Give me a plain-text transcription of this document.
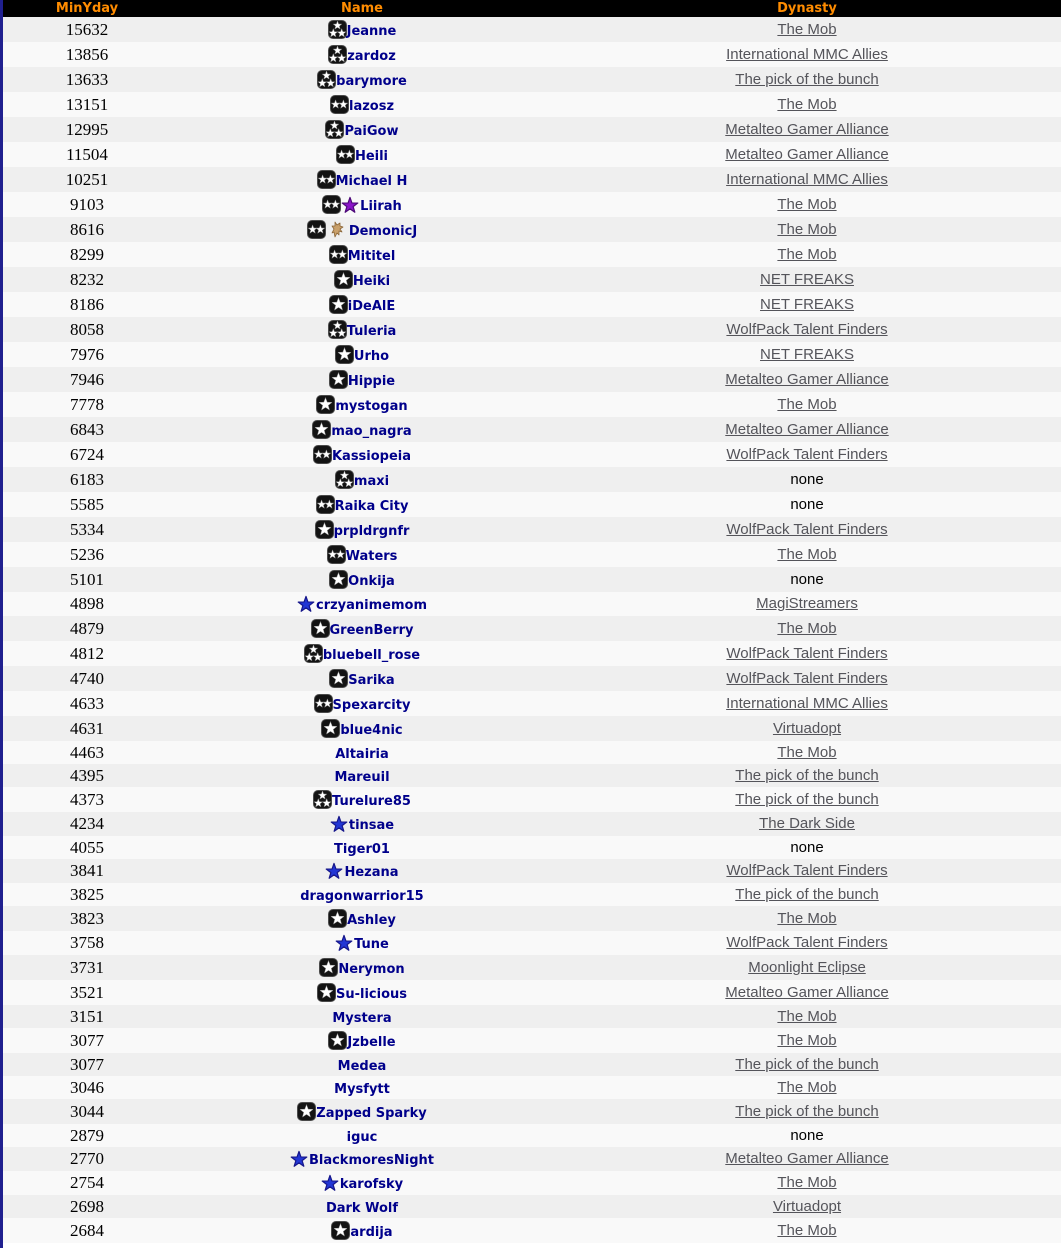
MinYday	Name	Dynasty
15632	Jeanne	The Mob
13856	zardoz	International MMC Allies
13633	barymore	The pick of the bunch
13151	lazosz	The Mob
12995	PaiGow	Metalteo Gamer Alliance
11504	Heili	Metalteo Gamer Alliance
10251	Michael H	International MMC Allies
9103	Liirah	The Mob
8616	DemonicJ	The Mob
8299	Mititel	The Mob
8232	Heiki	NET FREAKS
8186	iDeAlE	NET FREAKS
8058	Tuleria	WolfPack Talent Finders
7976	Urho	NET FREAKS
7946	Hippie	Metalteo Gamer Alliance
7778	mystogan	The Mob
6843	mao_nagra	Metalteo Gamer Alliance
6724	Kassiopeia	WolfPack Talent Finders
6183	maxi	none
5585	Raika City	none
5334	prpldrgnfr	WolfPack Talent Finders
5236	Waters	The Mob
5101	Onkija	none
4898	crzyanimemom	MagiStreamers
4879	GreenBerry	The Mob
4812	bluebell_rose	WolfPack Talent Finders
4740	Sarika	WolfPack Talent Finders
4633	Spexarcity	International MMC Allies
4631	blue4nic	Virtuadopt
4463	Altairia	The Mob
4395	Mareuil	The pick of the bunch
4373	Turelure85	The pick of the bunch
4234	tinsae	The Dark Side
4055	Tiger01	none
3841	Hezana	WolfPack Talent Finders
3825	dragonwarrior15	The pick of the bunch
3823	Ashley	The Mob
3758	Tune	WolfPack Talent Finders
3731	Nerymon	Moonlight Eclipse
3521	Su-licious	Metalteo Gamer Alliance
3151	Mystera	The Mob
3077	Jzbelle	The Mob
3077	Medea	The pick of the bunch
3046	Mysfytt	The Mob
3044	Zapped Sparky	The pick of the bunch
2879	iguc	none
2770	BlackmoresNight	Metalteo Gamer Alliance
2754	karofsky	The Mob
2698	Dark Wolf	Virtuadopt
2684	ardija	The Mob
